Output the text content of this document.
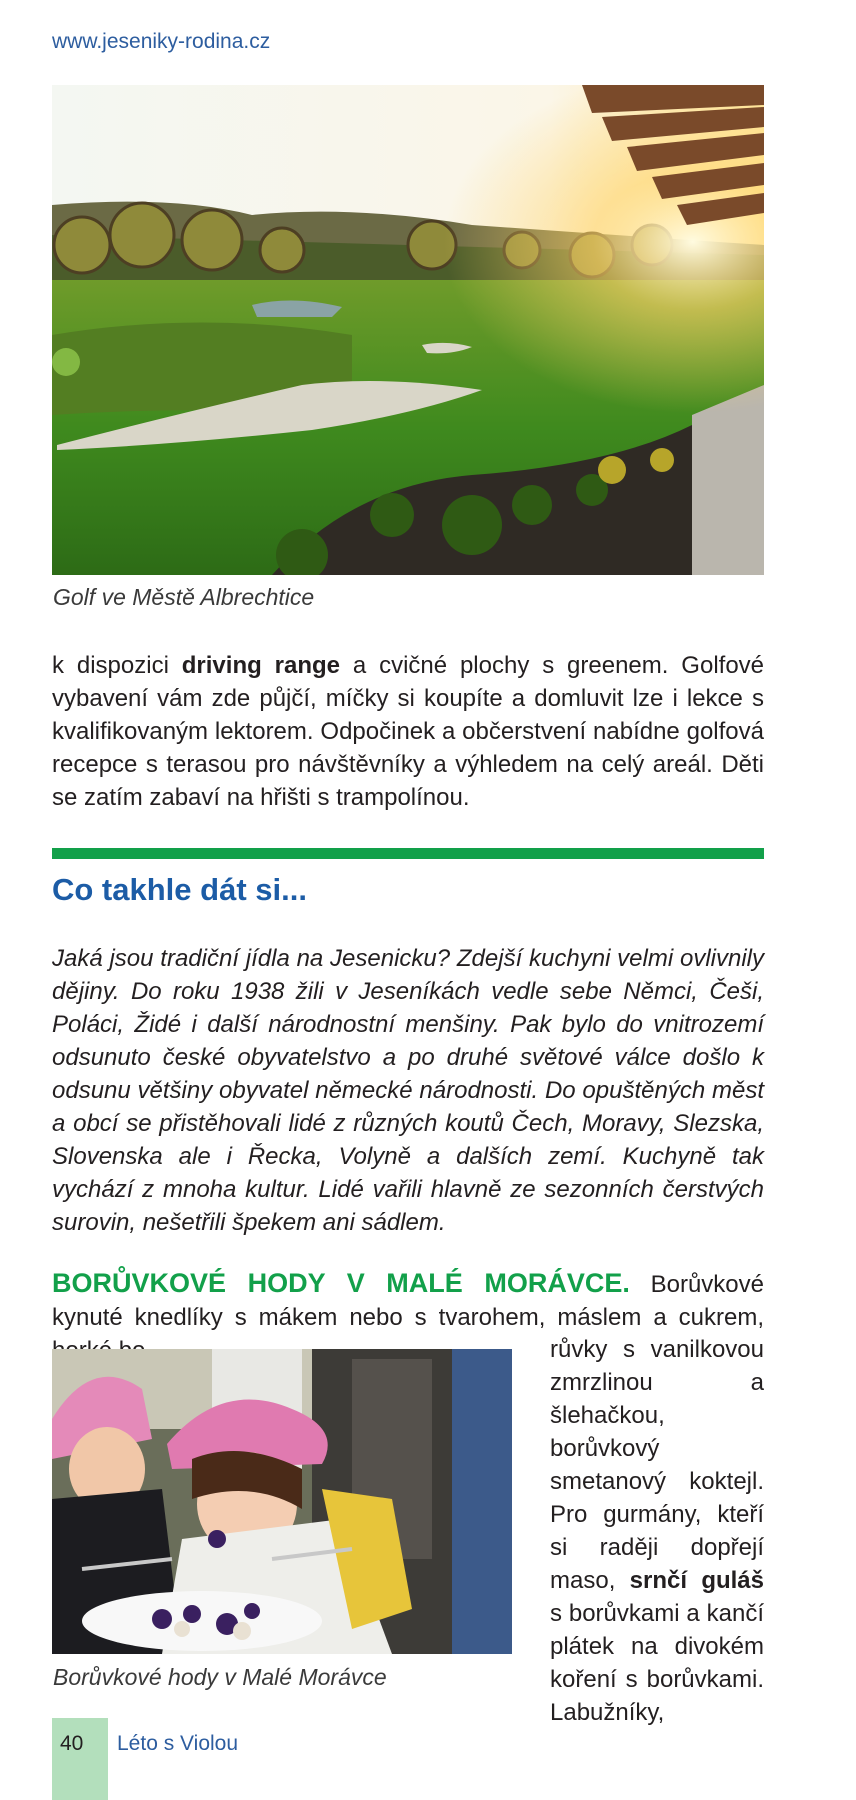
www.jeseniky-rodina.cz
Golf ve Městě Albrechtice
k dispozici driving range a cvičné plochy s greenem. Golfové vybavení vám zde půjčí, míčky si koupíte a domluvit lze i lekce s kvalifikovaným lektorem. Odpočinek a občerstvení nabídne golfová recepce s terasou pro návštěvníky a výhledem na celý areál. Děti se zatím zabaví na hřišti s trampolínou.
Co takhle dát si...
Jaká jsou tradiční jídla na Jesenicku? Zdejší kuchyni velmi ovlivnily dějiny. Do roku 1938 žili v Jeseníkách vedle sebe Němci, Češi, Poláci, Židé i další národnostní menšiny. Pak bylo do vnitrozemí odsunuto české obyvatelstvo a po druhé světové válce došlo k odsunu většiny obyvatel německé národnosti. Do opuštěných měst a obcí se přistěhovali lidé z různých koutů Čech, Moravy, Slezska, Slovenska ale i Řecka, Volyně a dalších zemí. Kuchyně tak vychází z mnoha kultur. Lidé vařili hlavně ze sezonních čerstvých surovin, nešetřili špekem ani sádlem.
BORŮVKOVÉ HODY V MALÉ MORÁVCE. Borůvkové kynuté knedlíky s mákem nebo s tvarohem, máslem a cukrem,
Borůvkové hody v Malé Morávce
růvky s vanilkovou zmrzlinou a šlehačkou, borůvkový smetanový koktejl. Pro gurmány, kteří si raději dopřejí maso, srnčí guláš s borůvkami a kančí plátek na divokém koření s borůvkami. Labužníky,
40 Léto s Violou
